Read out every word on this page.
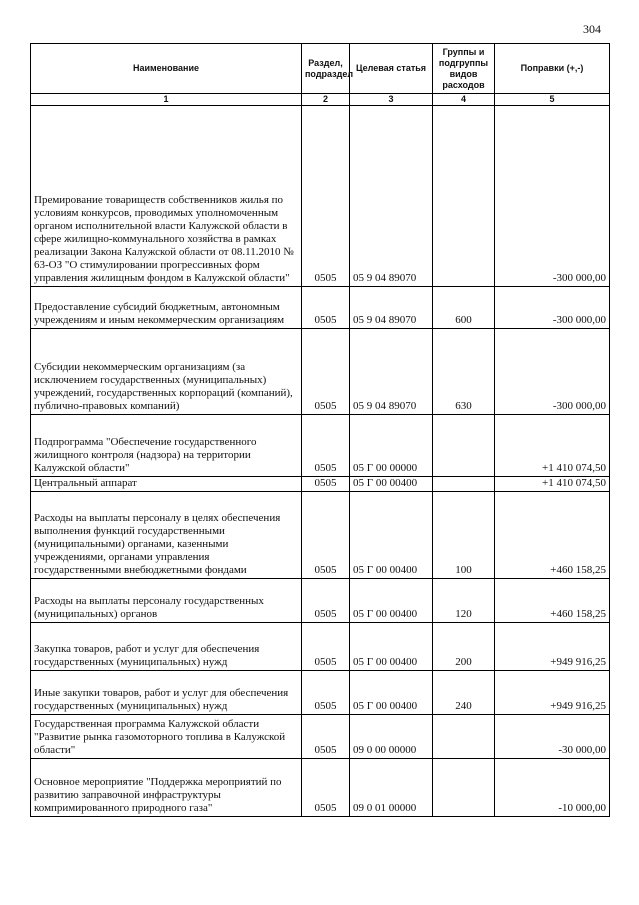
304
Наименование	Раздел, подраздел	Целевая статья	Группы и подгруппы видов расходов	Поправки (+,-)
1	2	3	4	5
Премирование товариществ собственников жилья по условиям конкурсов, проводимых уполномоченным органом исполнительной власти Калужской области в сфере жилищно-коммунального хозяйства в рамках реализации Закона Калужской области от 08.11.2010 № 63-ОЗ "О стимулировании прогрессивных форм управления жилищным фондом в Калужской области"	0505	05 9 04 89070		-300 000,00
Предоставление субсидий бюджетным, автономным учреждениям и иным некоммерческим организациям	0505	05 9 04 89070	600	-300 000,00
Субсидии некоммерческим организациям (за исключением государственных (муниципальных) учреждений, государственных корпораций (компаний), публично-правовых компаний)	0505	05 9 04 89070	630	-300 000,00
Подпрограмма "Обеспечение государственного жилищного контроля (надзора) на территории Калужской области"	0505	05 Г 00 00000		+1 410 074,50
Центральный аппарат	0505	05 Г 00 00400		+1 410 074,50
Расходы на выплаты персоналу в целях обеспечения выполнения функций государственными (муниципальными) органами, казенными учреждениями, органами управления государственными внебюджетными фондами	0505	05 Г 00 00400	100	+460 158,25
Расходы на выплаты персоналу государственных (муниципальных) органов	0505	05 Г 00 00400	120	+460 158,25
Закупка товаров, работ и услуг для обеспечения государственных (муниципальных) нужд	0505	05 Г 00 00400	200	+949 916,25
Иные закупки товаров, работ и услуг для обеспечения государственных (муниципальных) нужд	0505	05 Г 00 00400	240	+949 916,25
Государственная программа Калужской области "Развитие рынка газомоторного топлива в Калужской области"	0505	09 0 00 00000		-30 000,00
Основное мероприятие "Поддержка мероприятий по развитию заправочной инфраструктуры компримированного природного газа"	0505	09 0 01 00000		-10 000,00
